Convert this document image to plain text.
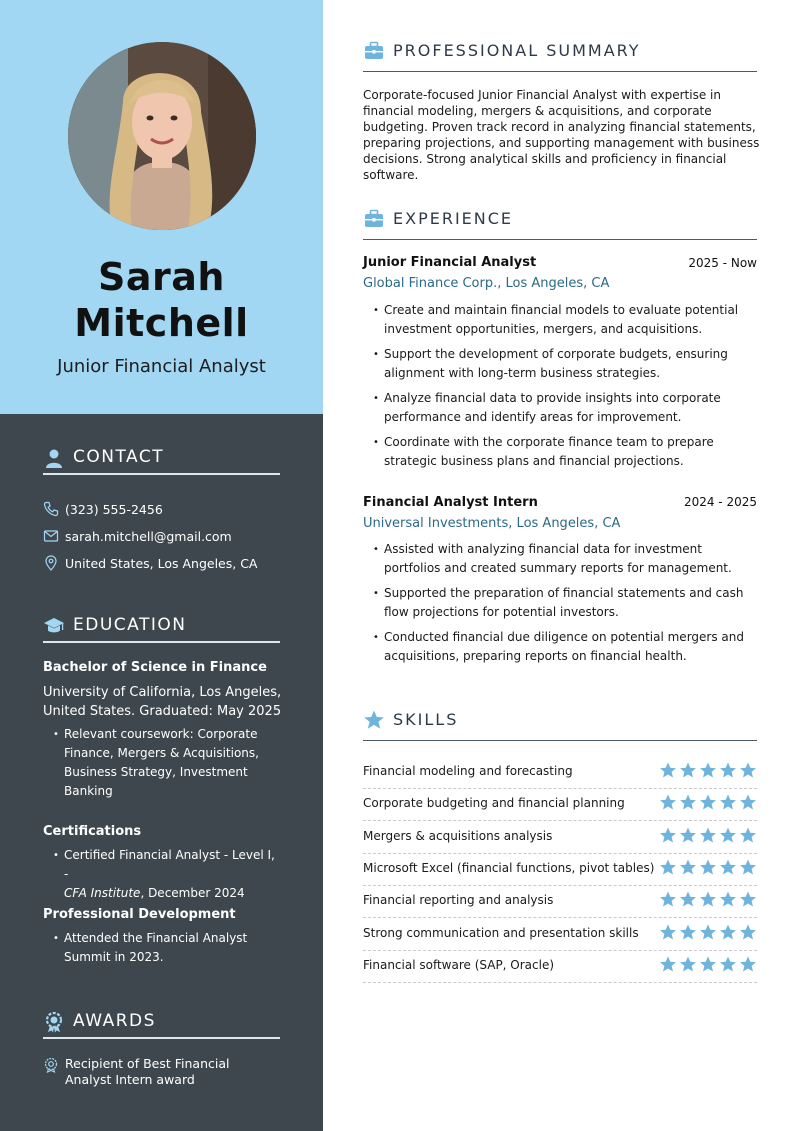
Sarah
Mitchell
Junior Financial Analyst
CONTACT
(323) 555-2456
sarah.mitchell@gmail.com
United States, Los Angeles, CA
EDUCATION
Bachelor of Science in Finance
University of California, Los Angeles,
United States. Graduated: May 2025
• Relevant coursework: Corporate Finance, Mergers & Acquisitions, Business Strategy, Investment Banking
Certifications
• Certified Financial Analyst - Level I, -
CFA Institute, December 2024
Professional Development
• Attended the Financial Analyst Summit in 2023.
AWARDS
Recipient of Best Financial Analyst Intern award
PROFESSIONAL SUMMARY
Corporate-focused Junior Financial Analyst with expertise in financial modeling, mergers & acquisitions, and corporate budgeting. Proven track record in analyzing financial statements, preparing projections, and supporting management with business decisions. Strong analytical skills and proficiency in financial software.
EXPERIENCE
Junior Financial Analyst	2025 - Now
Global Finance Corp., Los Angeles, CA
• Create and maintain financial models to evaluate potential investment opportunities, mergers, and acquisitions.
• Support the development of corporate budgets, ensuring alignment with long-term business strategies.
• Analyze financial data to provide insights into corporate performance and identify areas for improvement.
• Coordinate with the corporate finance team to prepare strategic business plans and financial projections.
Financial Analyst Intern	2024 - 2025
Universal Investments, Los Angeles, CA
• Assisted with analyzing financial data for investment portfolios and created summary reports for management.
• Supported the preparation of financial statements and cash flow projections for potential investors.
• Conducted financial due diligence on potential mergers and acquisitions, preparing reports on financial health.
SKILLS
Financial modeling and forecasting
Corporate budgeting and financial planning
Mergers & acquisitions analysis
Microsoft Excel (financial functions, pivot tables)
Financial reporting and analysis
Strong communication and presentation skills
Financial software (SAP, Oracle)
